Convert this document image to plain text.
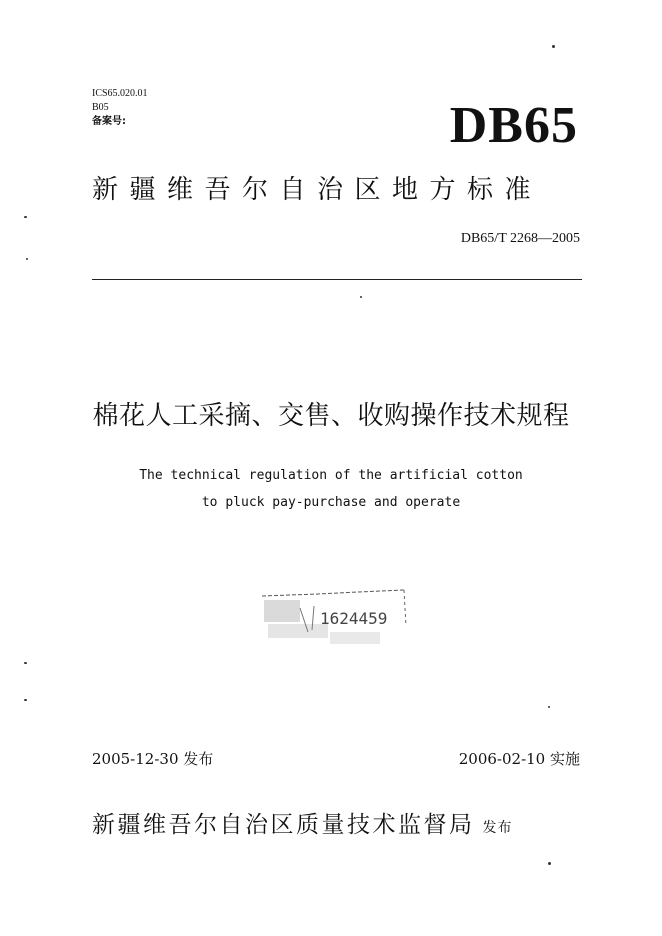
ICS65.020.01
B05
备案号:	DB65
新疆维吾尔自治区地方标准
DB65/T 2268—2005
棉花人工采摘、交售、收购操作技术规程
The technical regulation of the artificial cotton
to pluck pay-purchase and operate
1624459
2005-12-30 发布	2006-02-10 实施
新疆维吾尔自治区质量技术监督局 发布
